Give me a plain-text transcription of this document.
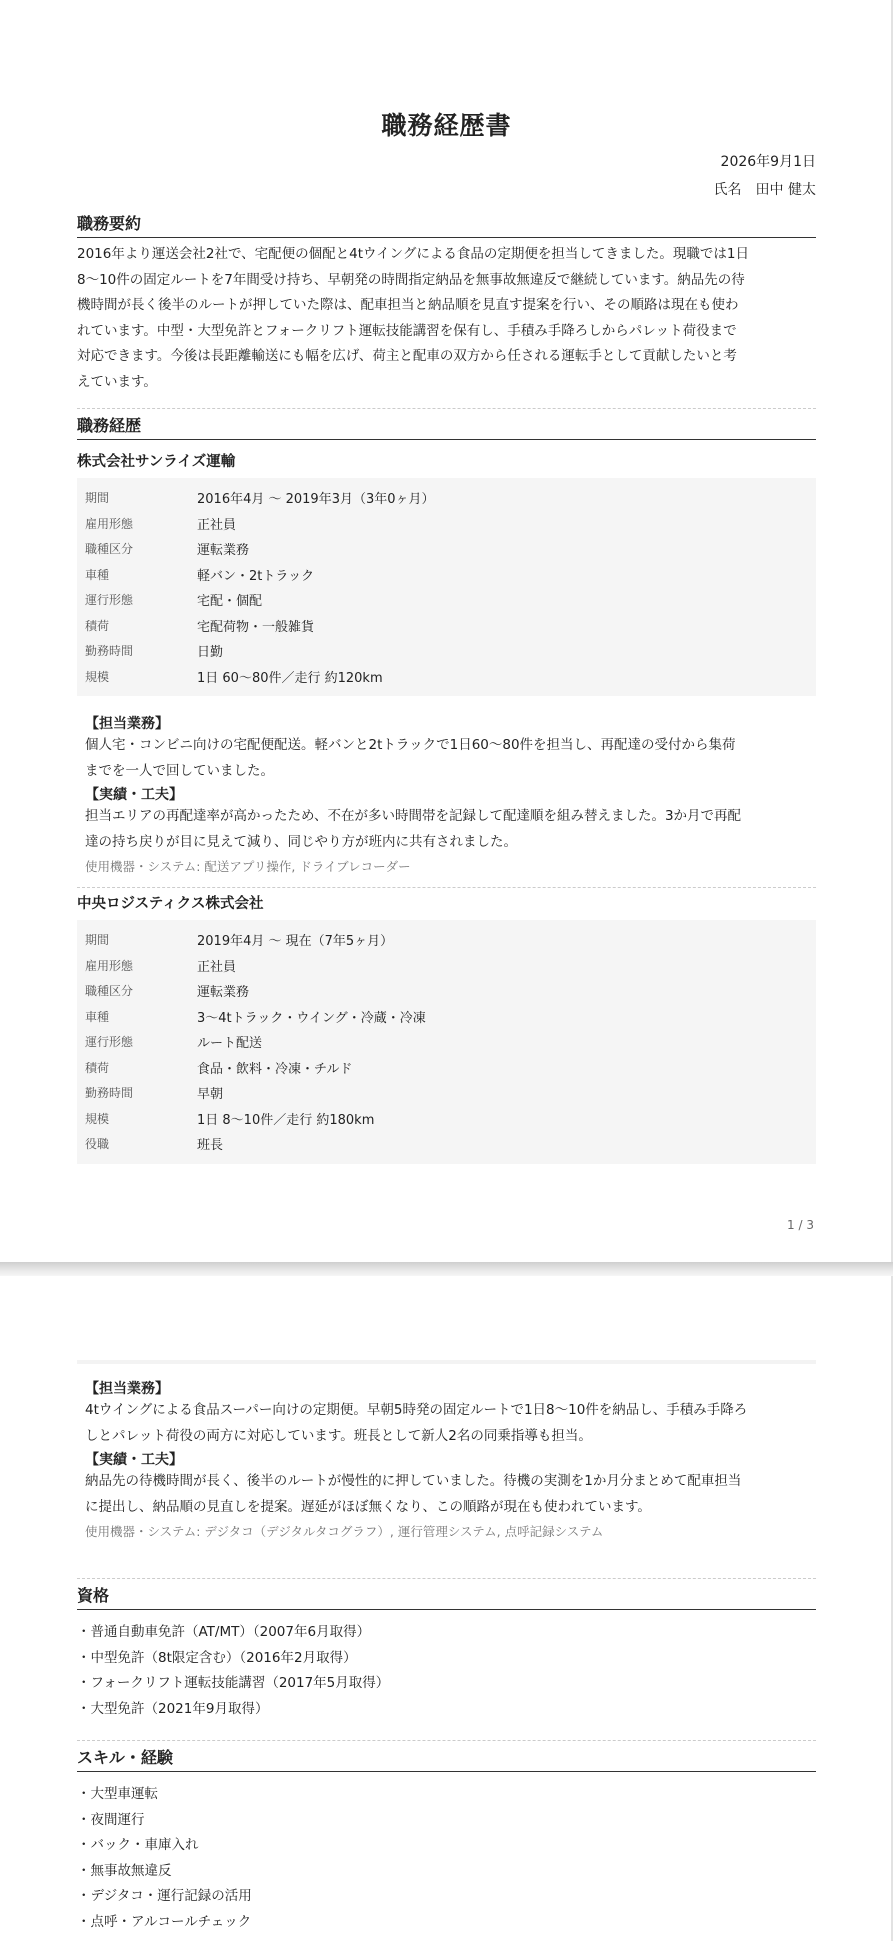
職務経歴書
2026年9月1日
氏名 田中 健太
職務要約

2016年より運送会社2社で、宅配便の個配と4tウイングによる食品の定期便を担当してきました。現職では1日

8〜10件の固定ルートを7年間受け持ち、早朝発の時間指定納品を無事故無違反で継続しています。納品先の待

機時間が長く後半のルートが押していた際は、配車担当と納品順を見直す提案を行い、その順路は現在も使わ

れています。中型・大型免許とフォークリフト運転技能講習を保有し、手積み手降ろしからパレット荷役まで

対応できます。今後は長距離輸送にも幅を広げ、荷主と配車の双方から任される運転手として貢献したいと考

えています。

職務経歴
株式会社サンライズ運輸
期間	2016年4月 〜 2019年3月（3年0ヶ月）
雇用形態	正社員
職種区分	運転業務
車種	軽バン・2tトラック
運行形態	宅配・個配
積荷	宅配荷物・一般雑貨
勤務時間	日勤
規模	1日 60〜80件／走行 約120km
【担当業務】

個人宅・コンビニ向けの宅配便配送。軽バンと2tトラックで1日60〜80件を担当し、再配達の受付から集荷

までを一人で回していました。

【実績・工夫】

担当エリアの再配達率が高かったため、不在が多い時間帯を記録して配達順を組み替えました。3か月で再配

達の持ち戻りが目に見えて減り、同じやり方が班内に共有されました。

使用機器・システム: 配送アプリ操作, ドライブレコーダー

中央ロジスティクス株式会社
期間	2019年4月 〜 現在（7年5ヶ月）
雇用形態	正社員
職種区分	運転業務
車種	3〜4tトラック・ウイング・冷蔵・冷凍
運行形態	ルート配送
積荷	食品・飲料・冷凍・チルド
勤務時間	早朝
規模	1日 8〜10件／走行 約180km
役職	班長
1 / 3
【担当業務】

4tウイングによる食品スーパー向けの定期便。早朝5時発の固定ルートで1日8〜10件を納品し、手積み手降ろ

しとパレット荷役の両方に対応しています。班長として新人2名の同乗指導も担当。

【実績・工夫】

納品先の待機時間が長く、後半のルートが慢性的に押していました。待機の実測を1か月分まとめて配車担当

に提出し、納品順の見直しを提案。遅延がほぼ無くなり、この順路が現在も使われています。

使用機器・システム: デジタコ（デジタルタコグラフ）, 運行管理システム, 点呼記録システム

資格

・普通自動車免許（AT/MT）（2007年6月取得）

・中型免許（8t限定含む）（2016年2月取得）

・フォークリフト運転技能講習（2017年5月取得）

・大型免許（2021年9月取得）

スキル・経験

・大型車運転

・夜間運行

・バック・車庫入れ

・無事故無違反

・デジタコ・運行記録の活用

・点呼・アルコールチェック
